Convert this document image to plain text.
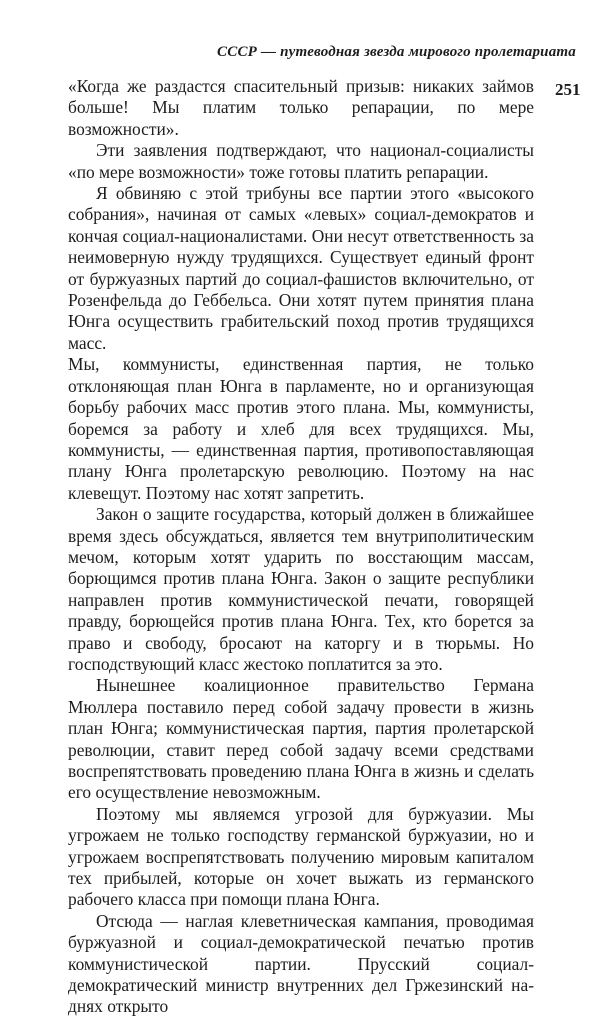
СССР — путеводная звезда мирового пролетариата
251

«Когда же раздастся спасительный призыв: никаких займов больше! Мы платим только репарации, по мере возможности».

Эти заявления подтверждают, что национал-социалисты «по мере возможности» тоже готовы платить репарации.

Я обвиняю с этой трибуны все партии этого «высокого собрания», начиная от самых «левых» социал-демократов и кончая социал-националистами. Они несут ответственность за неимоверную нужду трудящихся. Существует единый фронт от буржуазных партий до социал-фашистов включительно, от Розенфельда до Геббельса. Они хотят путем принятия плана Юнга осуществить грабительский поход против трудящихся масс.

Мы, коммунисты, единственная партия, не только отклоняющая план Юнга в парламенте, но и организующая борьбу рабочих масс против этого плана. Мы, коммунисты, боремся за работу и хлеб для всех трудящихся. Мы, коммунисты, — единственная партия, противопоставляющая плану Юнга пролетарскую революцию. Поэтому на нас клевещут. Поэтому нас хотят запретить.

Закон о защите государства, который должен в ближайшее время здесь обсуждаться, является тем внутриполитическим мечом, которым хотят ударить по восстающим массам, борющимся против плана Юнга. Закон о защите республики направлен против коммунистической печати, говорящей правду, борющейся против плана Юнга. Тех, кто борется за право и свободу, бросают на каторгу и в тюрьмы. Но господствующий класс жестоко поплатится за это.

Нынешнее коалиционное правительство Германа Мюллера поставило перед собой задачу провести в жизнь план Юнга; коммунистическая партия, партия пролетарской революции, ставит перед собой задачу всеми средствами воспрепятствовать проведению плана Юнга в жизнь и сделать его осуществление невозможным.

Поэтому мы являемся угрозой для буржуазии. Мы угрожаем не только господству германской буржуазии, но и угрожаем воспрепятствовать получению мировым капиталом тех прибылей, которые он хочет выжать из германского рабочего класса при помощи плана Юнга.

Отсюда — наглая клеветническая кампания, проводимая буржуазной и социал-демократической печатью против коммунистической партии. Прусский социал-демократический министр внутренних дел Гржезинский на-днях открыто
